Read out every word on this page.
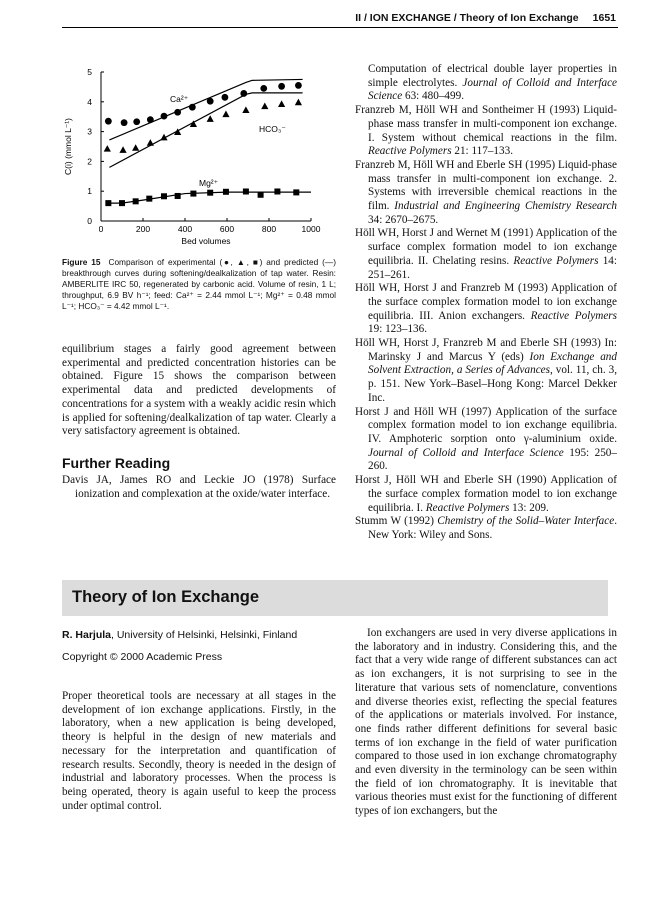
II / ION EXCHANGE / Theory of Ion Exchange 1651
0	200	400	600	800	1000
0
1
2
3
4
5
Bed volumes
C(i) (mmol L⁻¹)
Ca²⁺
HCO₃⁻
Mg²⁺
Figure 15 Comparison of experimental (●, ▲, ■) and predicted (—) breakthrough curves during softening/dealkalization of tap water. Resin: AMBERLITE IRC 50, regenerated by carbonic acid. Volume of resin, 1 L; throughput, 6.9 BV h⁻¹; feed: Ca²⁺ = 2.44 mmol L⁻¹; Mg²⁺ = 0.48 mmol L⁻¹; HCO₃⁻ = 4.42 mmol L⁻¹.

equilibrium stages a fairly good agreement between experimental and predicted concentration histories can be obtained. Figure 15 shows the comparison between experimental data and predicted developments of concentrations for a system with a weakly acidic resin which is applied for softening/dealkalization of tap water. Clearly a very satisfactory agreement is obtained.

Further Reading

Davis JA, James RO and Leckie JO (1978) Surface ionization and complexation at the oxide/water interface.

Computation of electrical double layer properties in simple electrolytes. Journal of Colloid and Interface Science 63: 480–499.

Franzreb M, Höll WH and Sontheimer H (1993) Liquid-phase mass transfer in multi-component ion exchange. I. System without chemical reactions in the film. Reactive Polymers 21: 117–133.

Franzreb M, Höll WH and Eberle SH (1995) Liquid-phase mass transfer in multi-component ion exchange. 2. Systems with irreversible chemical reactions in the film. Industrial and Engineering Chemistry Research 34: 2670–2675.

Höll WH, Horst J and Wernet M (1991) Application of the surface complex formation model to ion exchange equilibria. II. Chelating resins. Reactive Polymers 14: 251–261.

Höll WH, Horst J and Franzreb M (1993) Application of the surface complex formation model to ion exchange equilibria. III. Anion exchangers. Reactive Polymers 19: 123–136.

Höll WH, Horst J, Franzreb M and Eberle SH (1993) In: Marinsky J and Marcus Y (eds) Ion Exchange and Solvent Extraction, a Series of Advances, vol. 11, ch. 3, p. 151. New York–Basel–Hong Kong: Marcel Dekker Inc.

Horst J and Höll WH (1997) Application of the surface complex formation model to ion exchange equilibria. IV. Amphoteric sorption onto γ-aluminium oxide. Journal of Colloid and Interface Science 195: 250–260.

Horst J, Höll WH and Eberle SH (1990) Application of the surface complex formation model to ion exchange equilibria. I. Reactive Polymers 13: 209.

Stumm W (1992) Chemistry of the Solid–Water Interface. New York: Wiley and Sons.

Theory of Ion Exchange
R. Harjula, University of Helsinki, Helsinki, Finland
Copyright © 2000 Academic Press

Proper theoretical tools are necessary at all stages in the development of ion exchange applications. Firstly, in the laboratory, when a new application is being developed, theory is helpful in the design of new materials and necessary for the interpretation and quantification of research results. Secondly, theory is needed in the design of industrial and laboratory processes. When the process is being operated, theory is again useful to keep the process under optimal control.

Ion exchangers are used in very diverse applications in the laboratory and in industry. Considering this, and the fact that a very wide range of different substances can act as ion exchangers, it is not surprising to see in the literature that various sets of nomenclature, conventions and diverse theories exist, reflecting the special features of the applications or materials involved. For instance, one finds rather different definitions for several basic terms of ion exchange in the field of water purification compared to those used in ion exchange chromatography and even diversity in the terminology can be seen within the field of ion chromatography. It is inevitable that various theories must exist for the functioning of different types of ion exchangers, but the
